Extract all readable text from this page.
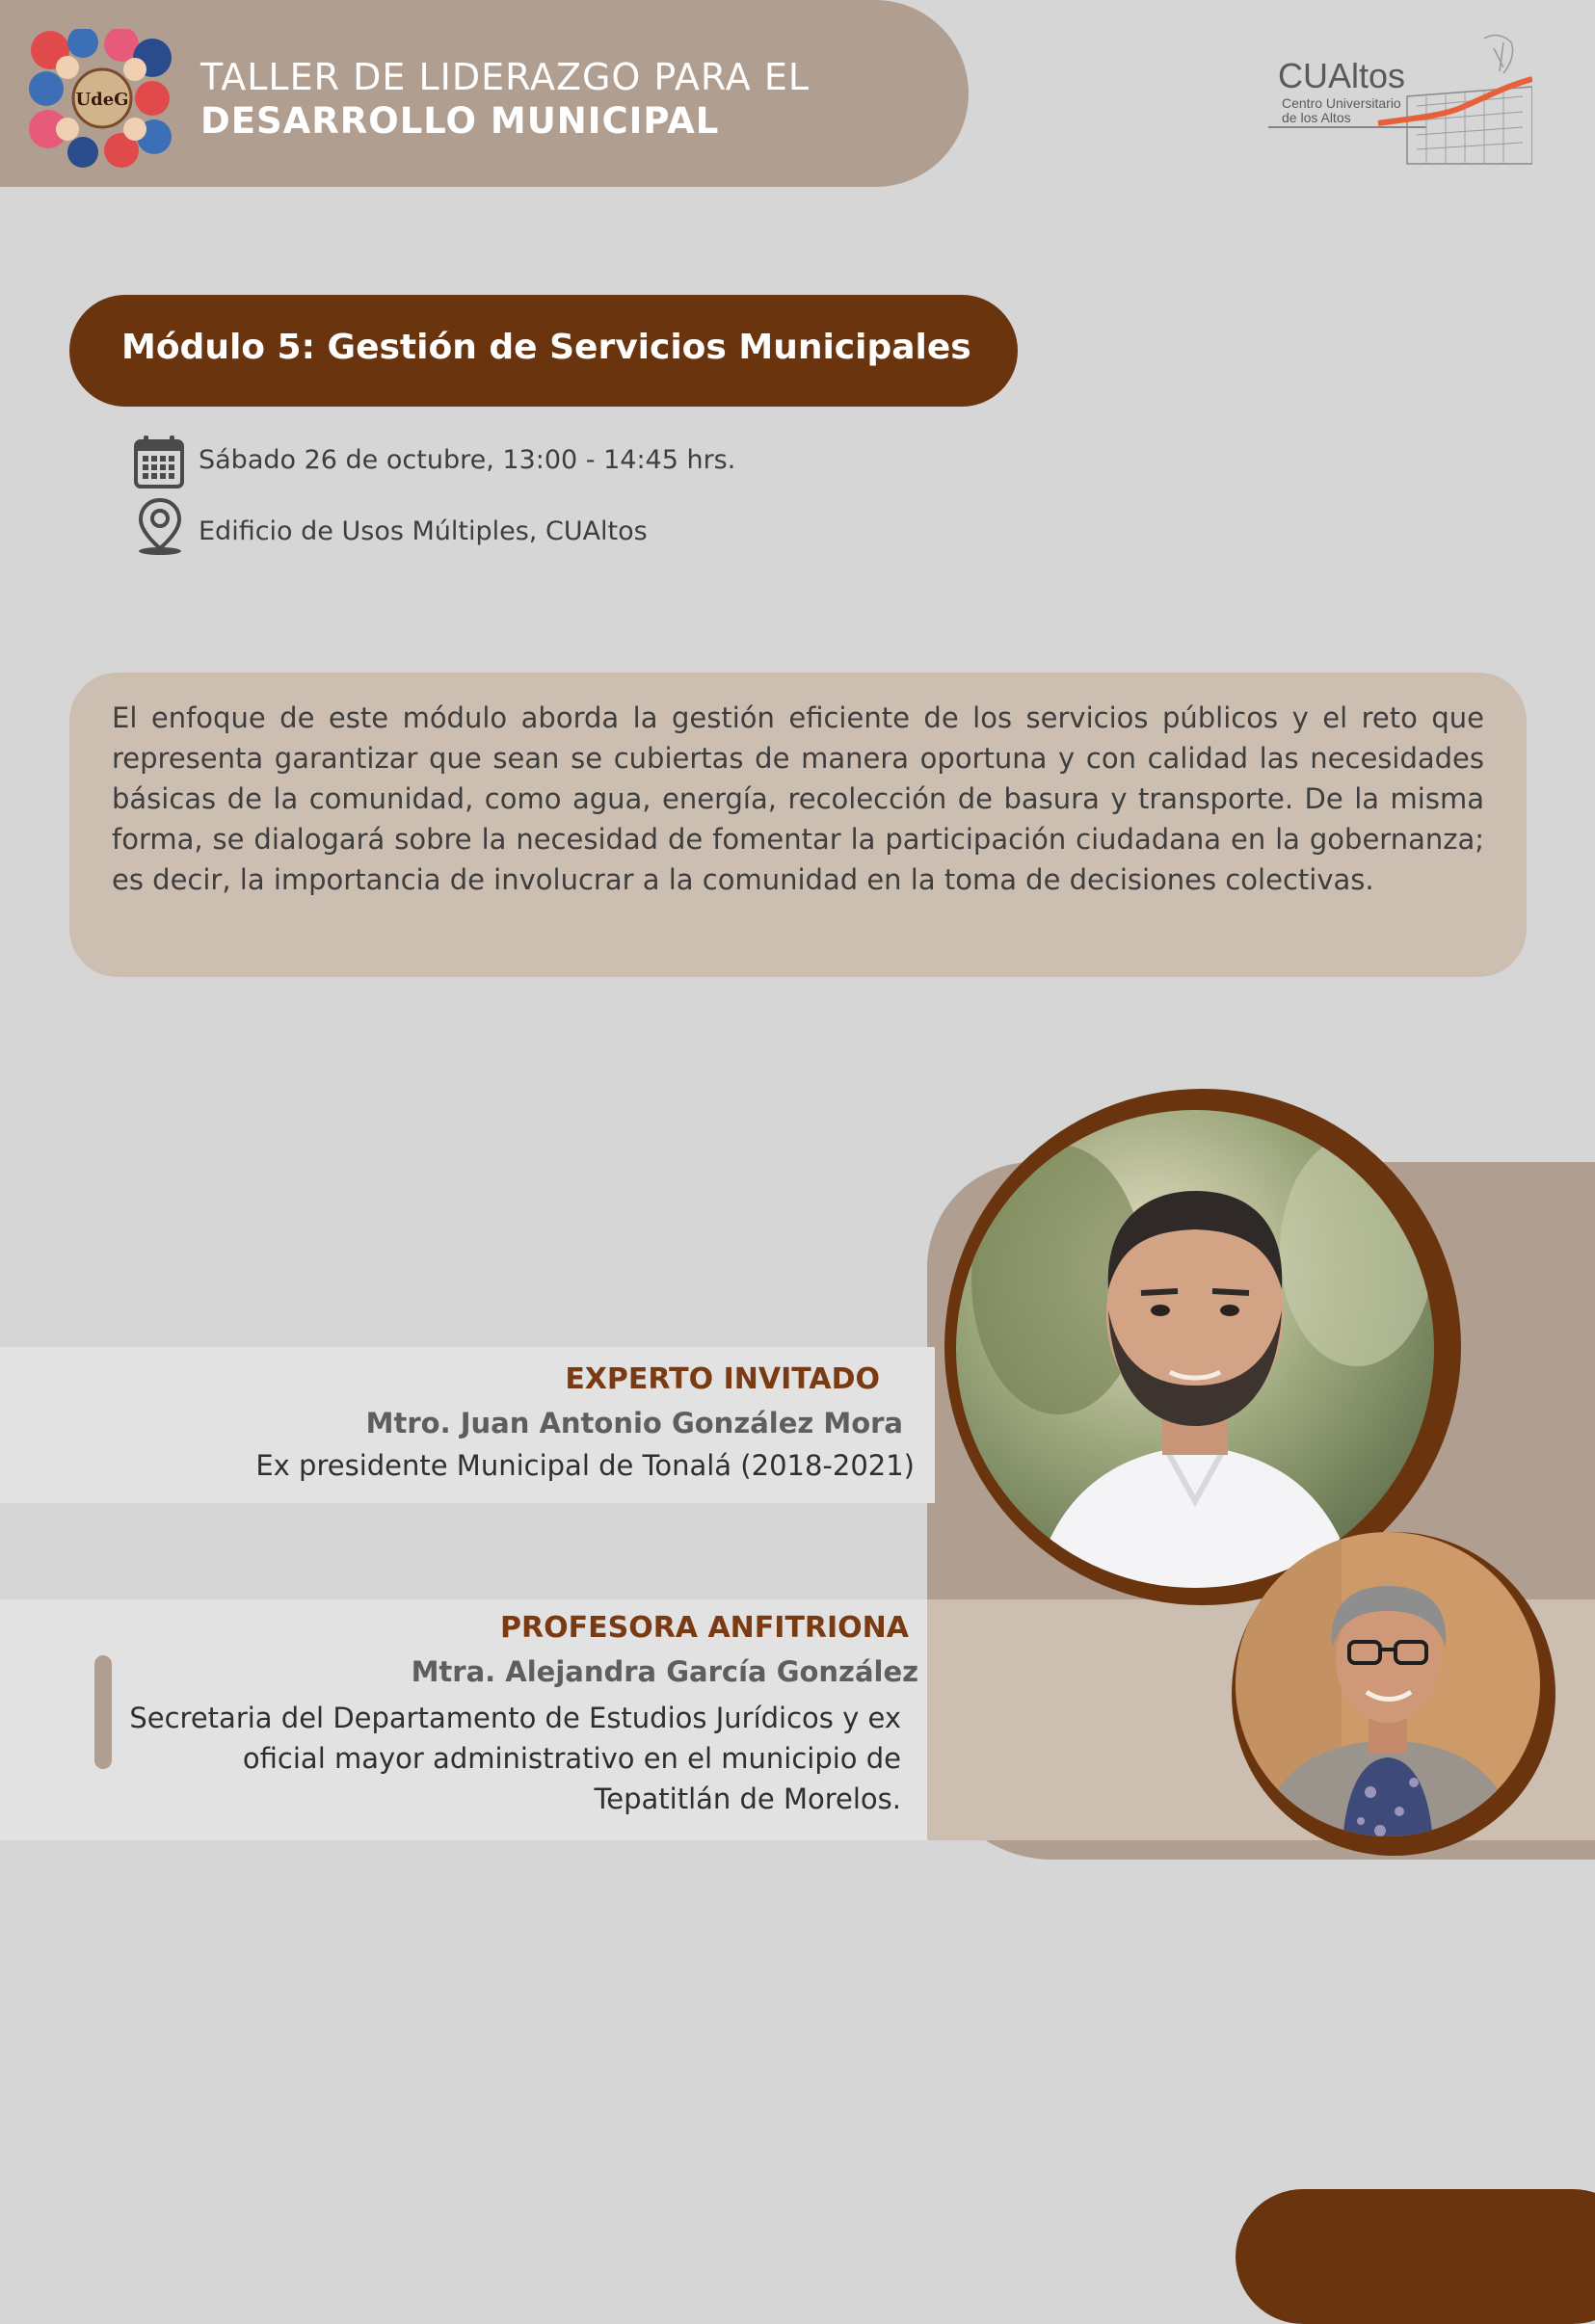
UdeG
TALLER DE LIDERAZGO PARA EL
DESARROLLO MUNICIPAL
CUAltos
Centro Universitario
de los Altos
Módulo 5: Gestión de Servicios Municipales
Sábado 26 de octubre, 13:00 - 14:45 hrs.
Edificio de Usos Múltiples, CUAltos
El enfoque de este módulo aborda la gestión eficiente de los servicios públicos y el reto que representa garantizar que sean se cubiertas de manera oportuna y con calidad las necesidades básicas de la comunidad, como agua, energía, recolección de basura y transporte. De la misma forma, se dialogará sobre la necesidad de fomentar la participación ciudadana en la gobernanza; es decir, la importancia de involucrar a la comunidad en la toma de decisiones colectivas.
EXPERTO INVITADO
Mtro. Juan Antonio González Mora
Ex presidente Municipal de Tonalá (2018-2021)
PROFESORA ANFITRIONA
Mtra. Alejandra García González
Secretaria del Departamento de Estudios Jurídicos y ex oficial mayor administrativo en el municipio de Tepatitlán de Morelos.
